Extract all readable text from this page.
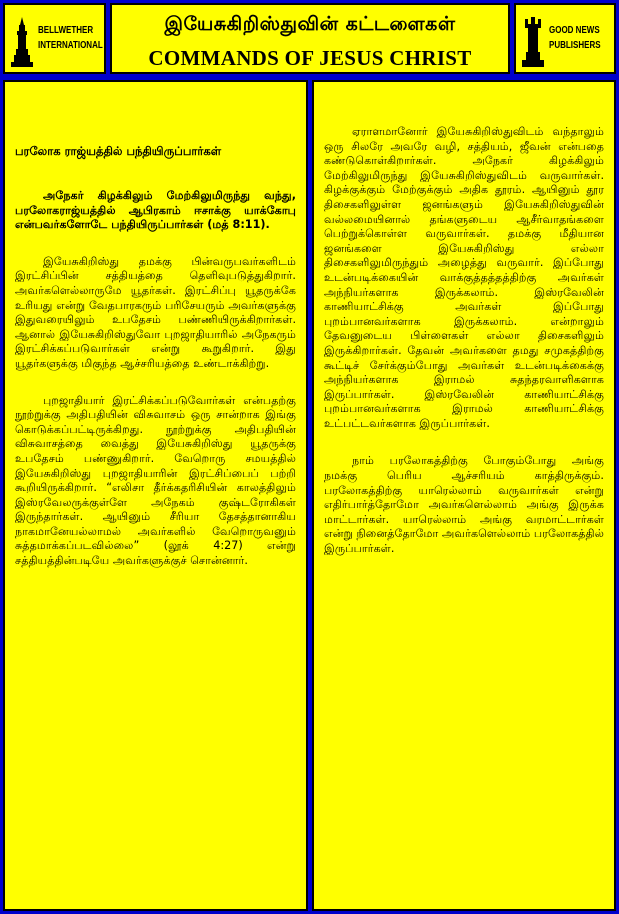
BELLWETHER
INTERNATIONAL
இயேசுகிறிஸ்துவின் கட்டளைகள்
COMMANDS OF JESUS CHRIST
GOOD NEWS
PUBLISHERS

பரலோக ராஜ்யத்தில் பந்தியிருப்பார்கள்

அநேகர் கிழக்கிலும் மேற்கிலுமிருந்து வந்து, பரலோகராஜ்யத்தில் ஆபிரகாம் ஈசாக்கு யாக்கோபு என்பவர்களோடே பந்தியிருப்பார்கள் (மத் 8:11).

இயேசுகிறிஸ்து தமக்கு பின்வருபவர்களிடம் இரட்சிப்பின் சத்தியத்தை தெளிவுபடுத்துகிறார். அவர்களெல்லாருமே யூதர்கள். இரட்சிப்பு யூதருக்கே உரியது என்று வேதபாரகரும் பரிசேயரும் அவர்களுக்கு இதுவரையிலும் உபதேசம் பண்ணியிருக்கிறார்கள். ஆனால் இயேசுகிறிஸ்துவோ புறஜாதியாரில் அநேகரும் இரட்சிக்கப்படுவார்கள் என்று கூறுகிறார். இது யூதர்களுக்கு மிகுந்த ஆச்சரியத்தை உண்டாக்கிற்று.

புறஜாதியார் இரட்சிக்கப்படுவோர்கள் என்பதற்கு நூற்றுக்கு அதிபதியின் விசுவாசம் ஒரு சான்றாக இங்கு கொடுக்கப்பட்டிருக்கிறது. நூற்றுக்கு அதிபதியின் விசுவாசத்தை வைத்து இயேசுகிறிஸ்து யூதருக்கு உபதேசம் பண்ணுகிறார். வேறொரு சமயத்தில் இயேசுகிறிஸ்து புறஜாதியாரின் இரட்சிப்பைப் பற்றி கூறியிருக்கிறார். “எலிசா தீர்க்கதரிசியின் காலத்திலும் இஸ்ரவேலருக்குள்ளே அநேகம் குஷ்டரோகிகள் இருந்தார்கள். ஆயினும் சீரியா தேசத்தானாகிய நாகமானேயல்லாமல் அவர்களில் வேறொருவனும் சுத்தமாக்கப்படவில்லை” (லூக் 4:27) என்று சத்தியத்தின்படியே அவர்களுக்குச் சொன்னார்.

ஏராளமானோர் இயேசுகிறிஸ்துவிடம் வந்தாலும் ஒரு சிலரே அவரே வழி, சத்தியம், ஜீவன் என்பதை கண்டுகொள்கிறார்கள். அநேகர் கிழக்கிலும் மேற்கிலுமிருந்து இயேசுகிறிஸ்துவிடம் வருவார்கள். கிழக்குக்கும் மேற்குக்கும் அதிக தூரம். ஆயினும் தூர திசைகளிலுள்ள ஜனங்களும் இயேசுகிறிஸ்துவின் வல்லமையினால் தங்களுடைய ஆசீர்வாதங்களை பெற்றுக்கொள்ள வருவார்கள். தமக்கு மீதியான ஜனங்களை இயேசுகிறிஸ்து எல்லா திசைகளிலுமிருந்தும் அழைத்து வருவார். இப்போது உடன்படிக்கையின் வாக்குத்தத்தத்திற்கு அவர்கள் அந்நியர்களாக இருக்கலாம். இஸ்ரவேலின் காணியாட்சிக்கு அவர்கள் இப்போது புறம்பானவர்களாக இருக்கலாம். என்றாலும் தேவனுடைய பிள்ளைகள் எல்லா திசைகளிலும் இருக்கிறார்கள். தேவன் அவர்களை தமது சமுகத்திற்கு கூட்டிச் சேர்க்கும்போது அவர்கள் உடன்படிக்கைக்கு அந்நியர்களாக இராமல் சுதந்தரவாளிகளாக இருப்பார்கள். இஸ்ரவேலின் காணியாட்சிக்கு புறம்பானவர்களாக இராமல் காணியாட்சிக்கு உட்பட்டவர்களாக இருப்பார்கள்.

நாம் பரலோகத்திற்கு போகும்போது அங்கு நமக்கு பெரிய ஆச்சரியம் காத்திருக்கும். பரலோகத்திற்கு யாரெல்லாம் வருவார்கள் என்று எதிர்பார்த்தோமோ அவர்களெல்லாம் அங்கு இருக்க மாட்டார்கள். யாரெல்லாம் அங்கு வரமாட்டார்கள் என்று நினைத்தோமோ அவர்களெல்லாம் பரலோகத்தில் இருப்பார்கள்.
